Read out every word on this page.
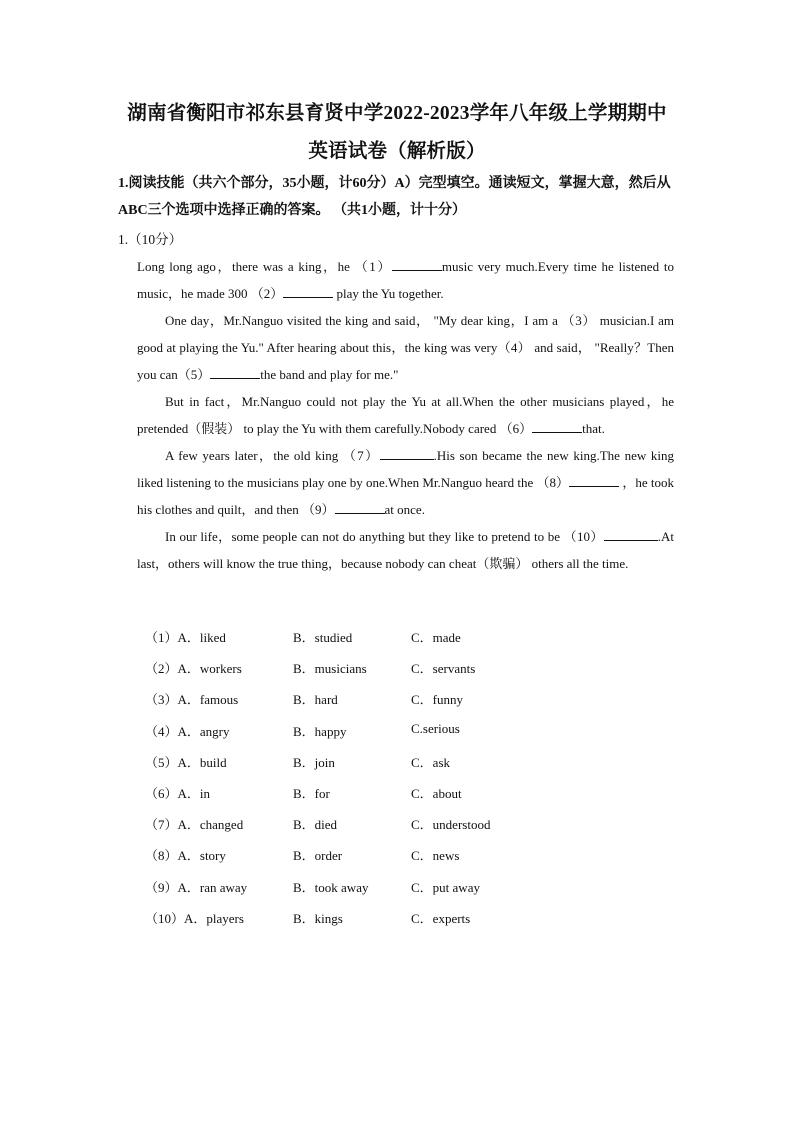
湖南省衡阳市祁东县育贤中学2022-2023学年八年级上学期期中
英语试卷（解析版）
1.阅读技能（共六个部分，35小题，计60分）A）完型填空。通读短文，掌握大意，然后从ABC三个选项中选择正确的答案。 （共1小题，计十分）
1.（10分）

Long long ago，there was a king，he （1）	music very much.Every time he listened to music，he made 300 （2）	play the Yu together.

One day，Mr.Nanguo visited the king and said， "My dear king，I am a （3） musician.I am good at playing the Yu." After hearing about this，the king was very（4） and said， "Really？Then you can（5）	the band and play for me."

But in fact，Mr.Nanguo could not play the Yu at all.When the other musicians played，he pretended（假装） to play the Yu with them carefully.Nobody cared （6）	that.

A few years later，the old king （7）	.His son became the new king.The new king liked listening to the musicians play one by one.When Mr.Nanguo heard the （8）	，he took his clothes and quilt，and then （9）	at once.

In our life，some people can not do anything but they like to pretend to be （10）	.At last，others will know the true thing，because nobody can cheat（欺骗） others all the time.

（1）A．liked	B．studied	C．made
（2）A．workers	B．musicians	C．servants
（3）A．famous	B．hard	C．funny
（4）A．angry	B．happy	C.serious
（5）A．build	B．join	C．ask
（6）A．in	B．for	C．about
（7）A．changed	B．died	C．understood
（8）A．story	B．order	C．news
（9）A．ran away	B．took away	C．put away
（10）A．players	B．kings	C．experts
